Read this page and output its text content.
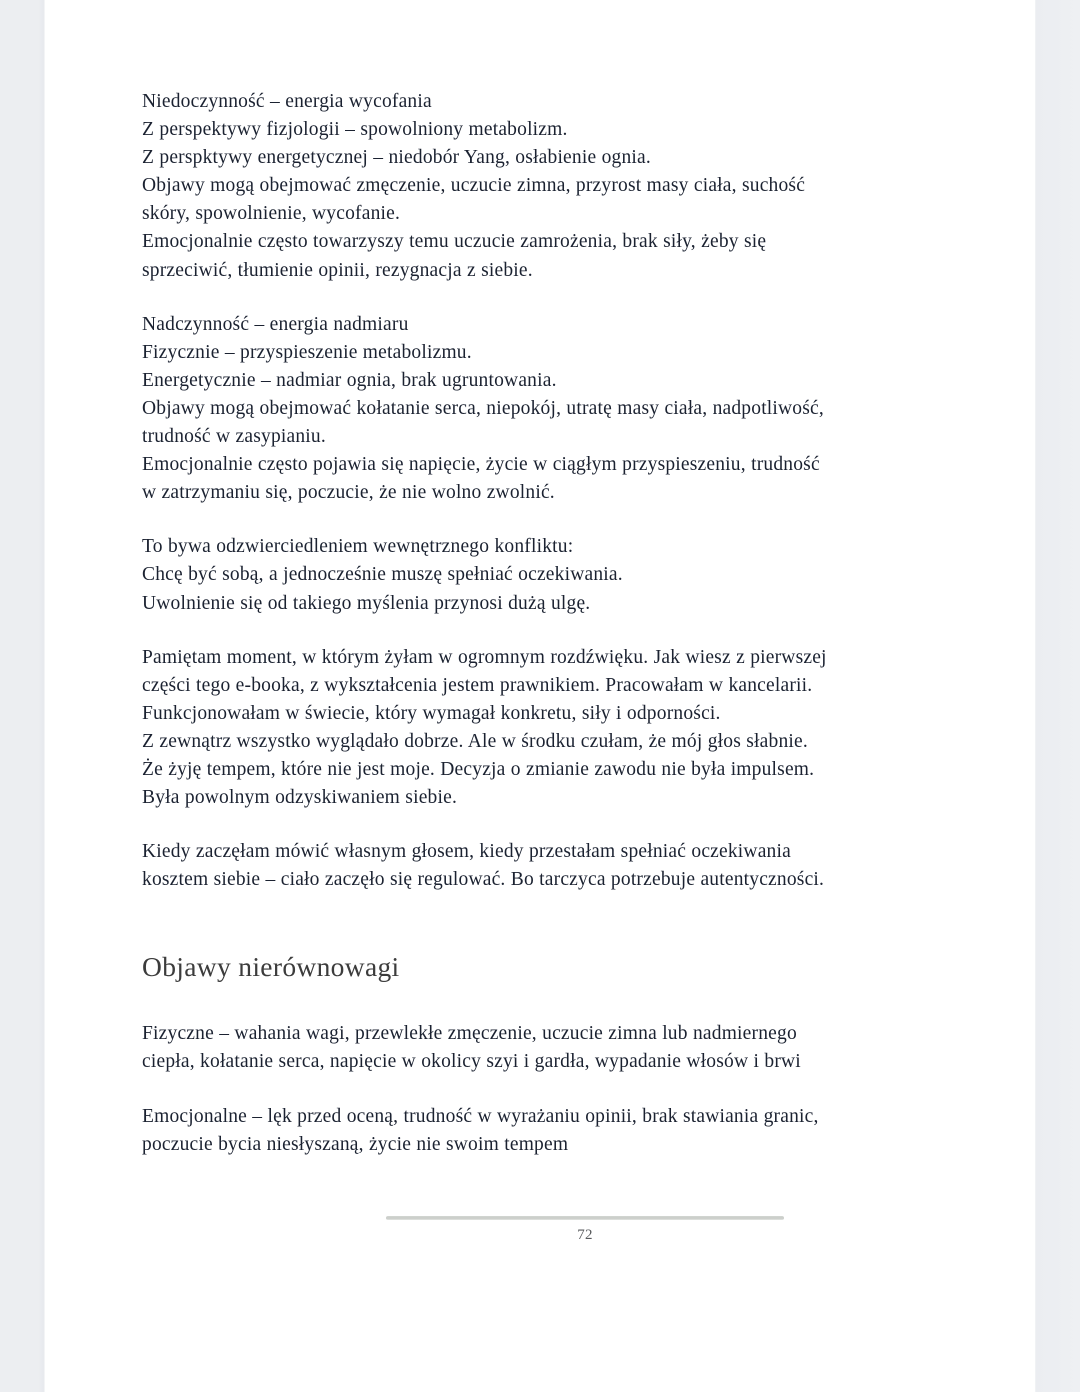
Niedoczynność – energia wycofania
Z perspektywy fizjologii – spowolniony metabolizm.
Z perspktywy energetycznej – niedobór Yang, osłabienie ognia.
Objawy mogą obejmować zmęczenie, uczucie zimna, przyrost masy ciała, suchość
skóry, spowolnienie, wycofanie.
Emocjonalnie często towarzyszy temu uczucie zamrożenia, brak siły, żeby się
sprzeciwić, tłumienie opinii, rezygnacja z siebie.

Nadczynność – energia nadmiaru
Fizycznie – przyspieszenie metabolizmu.
Energetycznie – nadmiar ognia, brak ugruntowania.
Objawy mogą obejmować kołatanie serca, niepokój, utratę masy ciała, nadpotliwość,
trudność w zasypianiu.
Emocjonalnie często pojawia się napięcie, życie w ciągłym przyspieszeniu, trudność
w zatrzymaniu się, poczucie, że nie wolno zwolnić.

To bywa odzwierciedleniem wewnętrznego konfliktu:
Chcę być sobą, a jednocześnie muszę spełniać oczekiwania.
Uwolnienie się od takiego myślenia przynosi dużą ulgę.

Pamiętam moment, w którym żyłam w ogromnym rozdźwięku. Jak wiesz z pierwszej
części tego e-booka, z wykształcenia jestem prawnikiem. Pracowałam w kancelarii.
Funkcjonowałam w świecie, który wymagał konkretu, siły i odporności.
Z zewnątrz wszystko wyglądało dobrze. Ale w środku czułam, że mój głos słabnie.
Że żyję tempem, które nie jest moje. Decyzja o zmianie zawodu nie była impulsem.
Była powolnym odzyskiwaniem siebie.

Kiedy zaczęłam mówić własnym głosem, kiedy przestałam spełniać oczekiwania
kosztem siebie – ciało zaczęło się regulować. Bo tarczyca potrzebuje autentyczności.

Objawy nierównowagi

Fizyczne – wahania wagi, przewlekłe zmęczenie, uczucie zimna lub nadmiernego
ciepła, kołatanie serca, napięcie w okolicy szyi i gardła, wypadanie włosów i brwi

Emocjonalne – lęk przed oceną, trudność w wyrażaniu opinii, brak stawiania granic,
poczucie bycia niesłyszaną, życie nie swoim tempem

72
